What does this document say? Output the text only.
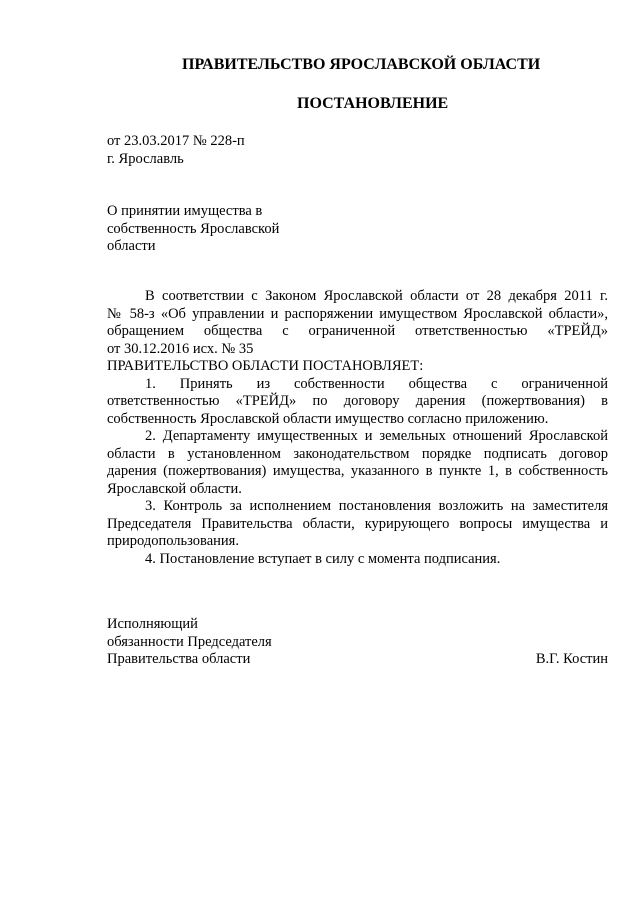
ПРАВИТЕЛЬСТВО ЯРОСЛАВСКОЙ ОБЛАСТИ
ПОСТАНОВЛЕНИЕ
от 23.03.2017 № 228-п
г. Ярославль
О принятии имущества в
собственность Ярославской
области
В соответствии с Законом Ярославской области от 28 декабря 2011 г.
№ 58-з «Об управлении и распоряжении имуществом Ярославской области»,
обращением общества с ограниченной ответственностью «ТРЕЙД»
от 30.12.2016 исх. № 35
ПРАВИТЕЛЬСТВО ОБЛАСТИ ПОСТАНОВЛЯЕТ:
1. Принять из собственности общества с ограниченной
ответственностью «ТРЕЙД» по договору дарения (пожертвования) в
собственность Ярославской области имущество согласно приложению.
2. Департаменту имущественных и земельных отношений Ярославской
области в установленном законодательством порядке подписать договор
дарения (пожертвования) имущества, указанного в пункте 1, в собственность
Ярославской области.
3. Контроль за исполнением постановления возложить на заместителя
Председателя Правительства области, курирующего вопросы имущества и
природопользования.
4. Постановление вступает в силу с момента подписания.
Исполняющий
обязанности Председателя
Правительства области	В.Г. Костин
